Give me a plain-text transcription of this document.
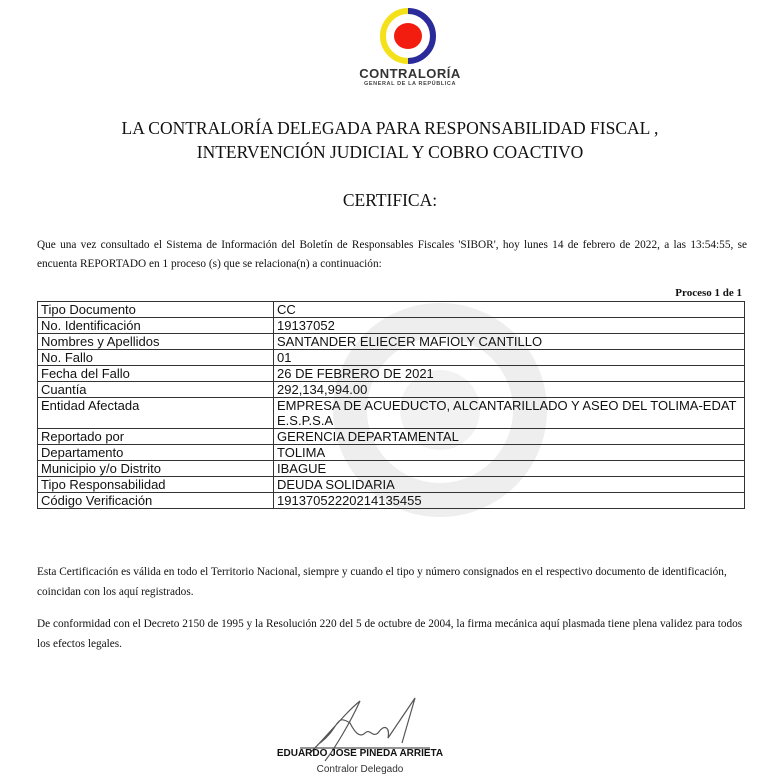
CONTRALORÍA
GENERAL DE LA REPÚBLICA
LA CONTRALORÍA DELEGADA PARA RESPONSABILIDAD FISCAL ,
INTERVENCIÓN JUDICIAL Y COBRO COACTIVO
CERTIFICA:
Que una vez consultado el Sistema de Información del Boletín de Responsables Fiscales 'SIBOR', hoy lunes 14 de febrero de 2022, a las 13:54:55, se encuenta REPORTADO en 1 proceso (s) que se relaciona(n) a continuación:
Proceso 1 de 1
Tipo Documento	CC
No. Identificación	19137052
Nombres y Apellidos	SANTANDER ELIECER MAFIOLY CANTILLO
No. Fallo	01
Fecha del Fallo	26 DE FEBRERO DE 2021
Cuantía	292,134,994.00
Entidad Afectada	EMPRESA DE ACUEDUCTO, ALCANTARILLADO Y ASEO DEL TOLIMA-EDAT E.S.P.S.A
Reportado por	GERENCIA DEPARTAMENTAL
Departamento	TOLIMA
Municipio y/o Distrito	IBAGUE
Tipo Responsabilidad	DEUDA SOLIDARIA
Código Verificación	19137052220214135455
Esta Certificación es válida en todo el Territorio Nacional, siempre y cuando el tipo y número consignados en el respectivo documento de identificación, coincidan con los aquí registrados.
De conformidad con el Decreto 2150 de 1995 y la Resolución 220 del 5 de octubre de 2004, la firma mecánica aquí plasmada tiene plena validez para todos los efectos legales.
EDUARDO JOSE PINEDA ARRIETA
Contralor Delegado
